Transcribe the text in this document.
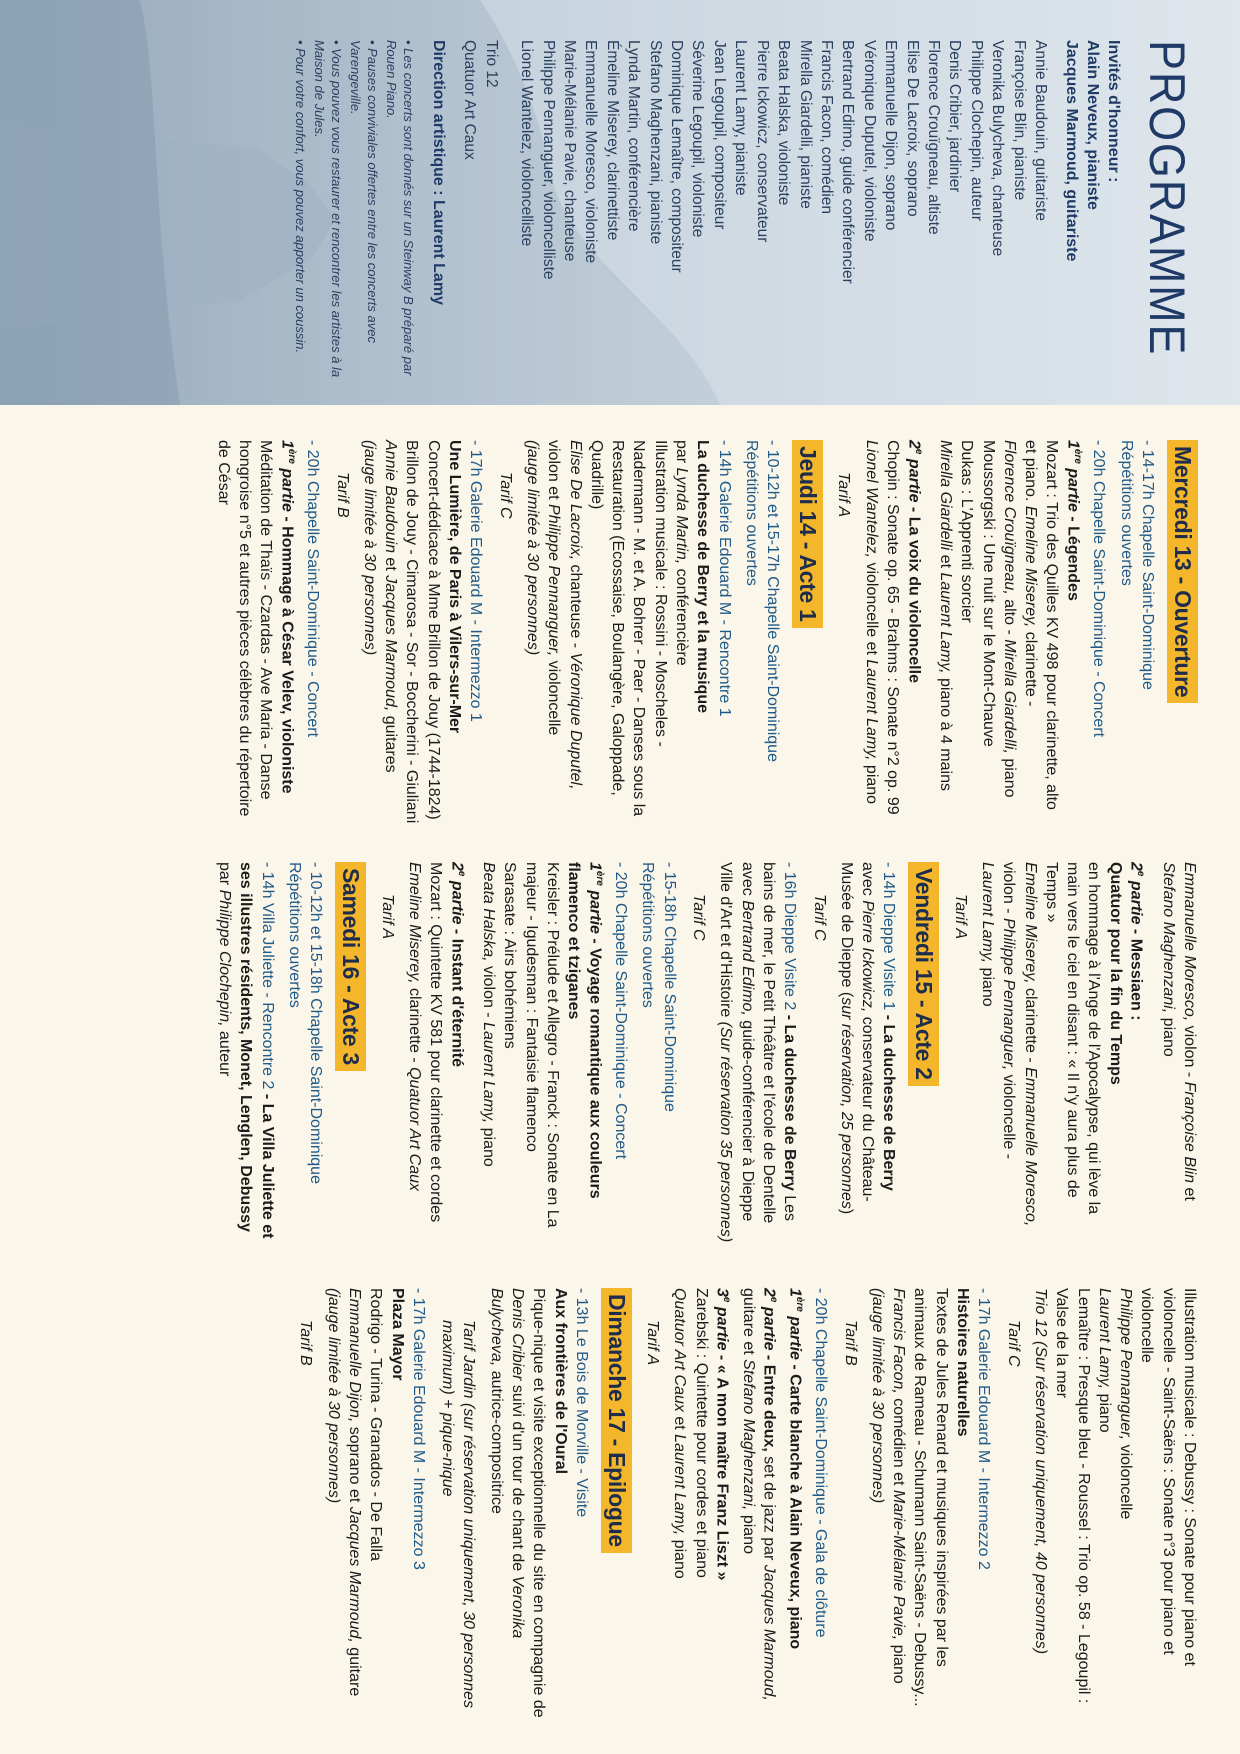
PROGRAMME
Invités d'honneur :
Alain Neveux, pianiste
Jacques Marmoud, guitariste
Annie Baudouin, guitariste
Françoise Blin, pianiste
Veronika Bulycheva, chanteuse
Philippe Clochepin, auteur
Denis Cribier, jardinier
Florence Crouïgneau, altiste
Elise De Lacroix, soprano
Emmanuelle Dijon, soprano
Véronique Duputel, violoniste
Bertrand Edimo, guide conférencier
Francis Facon, comédien
Mirella Giardelli, pianiste
Beata Halska, violoniste
Pierre Ickowicz, conservateur
Laurent Lamy, pianiste
Jean Legoupil, compositeur
Séverine Legoupil, violoniste
Dominique Lemaître, compositeur
Stefano Maghenzani, pianiste
Lynda Martin, conférencière
Émeline Miserey, clarinettiste
Emmanuelle Moresco, violoniste
Marie-Mélanie Pavie, chanteuse
Philippe Pennanguer, violoncelliste
Lionel Wantelez, violoncelliste
Trio 12
Quatuor Art Caux
Direction artistique : Laurent Lamy
• Les concerts sont donnés sur un Steinway B préparé par Rouen Piano.
• Pauses conviviales offertes entre les concerts avec Varengeville.
• Vous pouvez vous restaurer et rencontrer les artistes à la Maison de Jules.
• Pour votre confort, vous pouvez apporter un coussin.
Mercredi 13 - Ouverture
- 14-17h Chapelle Saint-Dominique
Répétitions ouvertes
- 20h Chapelle Saint-Dominique - Concert
1ère partie - Légendes
Mozart : Trio des Quilles KV 498 pour clarinette, alto et piano. Emeline Miserey, clarinette -
Florence Crouïgneau, alto - Mirella Giardelli, piano
Moussorgski : Une nuit sur le Mont-Chauve
Dukas : L'Apprenti sorcier
Mirella Giardelli et Laurent Lamy, piano à 4 mains
2e partie - La voix du violoncelle
Chopin : Sonate op. 65 - Brahms : Sonate n°2 op. 99
Lionel Wantelez, violoncelle et Laurent Lamy, piano
Tarif A
Jeudi 14 - Acte 1
- 10-12h et 15-17h Chapelle Saint-Dominique
Répétitions ouvertes
- 14h Galerie Edouard M - Rencontre 1
La duchesse de Berry et la musique
par Lynda Martin, conférencière
Illustration musicale : Rossini - Moscheles - Nadermann - M. et A. Bohrer - Paer - Danses sous la Restauration (Ecossaise, Boulangère, Galoppade, Quadrille)
Elise De Lacroix, chanteuse - Véronique Duputel, violon et Philippe Pennanguer, violoncelle
(jauge limitée à 30 personnes)
Tarif C
- 17h Galerie Edouard M - Intermezzo 1
Une Lumière, de Paris à Vilers-sur-Mer
Concert-dédicace à Mme Brillon de Jouy (1744-1824)
Brillon de Jouy - Cimarosa - Sor - Boccherini - Giuliani
Annie Baudouin et Jacques Marmoud, guitares
(jauge limitée à 30 personnes)
Tarif B
- 20h Chapelle Saint-Dominique - Concert
1ère partie - Hommage à César Velev, violoniste
Méditation de Thaïs - Czardas - Ave Maria - Danse hongroise n°5 et autres pièces célèbres du répertoire de César
Emmanuelle Moresco, violon - Françoise Blin et Stefano Maghenzani, piano
2e partie - Messiaen :
Quatuor pour la fin du Temps
en hommage à l'Ange de l'Apocalypse, qui lève la main vers le ciel en disant : « Il n'y aura plus de Temps »
Emeline Miserey, clarinette - Emmanuelle Moresco, violon - Philippe Pennanguer, violoncelle -
Laurent Lamy, piano
Tarif A
Vendredi 15 - Acte 2
- 14h Dieppe Visite 1 - La duchesse de Berry
avec Pierre Ickowicz, conservateur du Château-Musée de Dieppe (sur réservation, 25 personnes)
Tarif C
- 16h Dieppe Visite 2 - La duchesse de Berry Les bains de mer, le Petit Théâtre et l'école de Dentelle avec Bertrand Edimo, guide-conférencier à Dieppe Ville d'Art et d'Histoire (Sur réservation 35 personnes)
Tarif C
- 15-18h Chapelle Saint-Dominique
Répétitions ouvertes
- 20h Chapelle Saint-Dominique - Concert
1ère partie - Voyage romantique aux couleurs flamenco et tziganes
Kreisler : Prélude et Allegro - Franck : Sonate en La majeur - Igudesman : Fantaisie flamenco
Sarasate : Airs bohémiens
Beata Halska, violon - Laurent Lamy, piano
2e partie - Instant d'éternité
Mozart : Quintette KV 581 pour clarinette et cordes
Emeline Miserey, clarinette - Quatuor Art Caux
Tarif A
Samedi 16 - Acte 3
- 10-12h et 15-18h Chapelle Saint-Dominique
Répétitions ouvertes
- 14h Villa Juliette - Rencontre 2 - La Villa Juliette et ses illustres résidents, Monet, Lenglen, Debussy par Philippe Clochepin, auteur
Illustration musicale : Debussy : Sonate pour piano et violoncelle - Saint-Saëns : Sonate n°3 pour piano et violoncelle
Philippe Pennanguer, violoncelle
Laurent Lamy, piano
Lemaître : Presque bleu - Roussel : Trio op. 58 - Legoupil : Valse de la mer
Trio 12 (Sur réservation uniquement, 40 personnes)
Tarif C
- 17h Galerie Edouard M - Intermezzo 2
Histoires naturelles
Textes de Jules Renard et musiques inspirées par les animaux de Rameau - Schumann Saint-Saëns - Debussy...
Francis Facon, comédien et Marie-Mélanie Pavie, piano (jauge limitée à 30 personnes)
Tarif B
- 20h Chapelle Saint-Dominique - Gala de clôture
1ère partie - Carte blanche à Alain Neveux, piano
2e partie - Entre deux, set de jazz par Jacques Marmoud, guitare et Stefano Maghenzani, piano
3e partie - « A mon maître Franz Liszt »
Zarebski : Quintette pour cordes et piano
Quatuor Art Caux et Laurent Lamy, piano
Tarif A
Dimanche 17 - Epilogue
- 13h Le Bois de Morville - Visite
Aux frontières de l'Oural
Pique-nique et visite exceptionnelle du site en compagnie de Denis Cribier suivi d'un tour de chant de Veronika Bulycheva, autrice-compositrice
Tarif Jardin (sur réservation uniquement, 30 personnes maximum) + pique-nique
- 17h Galerie Edouard M - Intermezzo 3
Plaza Mayor
Rodrigo - Turina - Granados - De Falla
Emmanuelle Dijon, soprano et Jacques Marmoud, guitare
(jauge limitée à 30 personnes)
Tarif B
